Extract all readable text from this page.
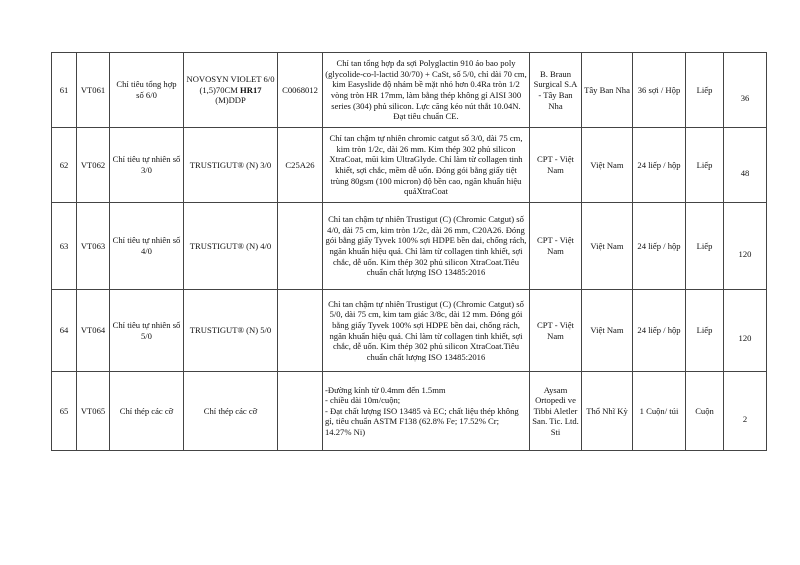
61	VT061	Chỉ tiêu tổng hợp số 6/0	NOVOSYN VIOLET 6/0 (1,5)70CM HR17 (M)DDP	C0068012	Chỉ tan tổng hợp đa sợi Polyglactin 910 áo bao poly (glycolide-co-l-lactid 30/70) + CaSt, số 5/0, chỉ dài 70 cm, kim Easyslide độ nhám bề mặt nhỏ hơn 0.4Ra tròn 1/2 vòng tròn HR 17mm, làm bằng thép không gỉ AISI 300 series (304) phủ silicon. Lực căng kéo nút thắt 10.04N. Đạt tiêu chuẩn CE.	B. Braun Surgical S.A - Tây Ban Nha	Tây Ban Nha	36 sợi / Hộp	Liếp	36
62	VT062	Chỉ tiêu tự nhiên số 3/0	TRUSTIGUT® (N) 3/0	C25A26	Chỉ tan chậm tự nhiên chromic catgut số 3/0, dài 75 cm, kim tròn 1/2c, dài 26 mm. Kim thép 302 phủ silicon XtraCoat, mũi kim UltraGlyde. Chỉ làm từ collagen tinh khiết, sợi chắc, mềm dễ uốn. Đóng gói bằng giấy tiệt trùng 80gsm (100 micron) độ bền cao, ngăn khuẩn hiệu quảXtraCoat	CPT - Việt Nam	Việt Nam	24 liếp / hộp	Liếp	48
63	VT063	Chỉ tiêu tự nhiên số 4/0	TRUSTIGUT® (N) 4/0		Chỉ tan chậm tự nhiên Trustigut (C) (Chromic Catgut) số 4/0, dài 75 cm, kim tròn 1/2c, dài 26 mm, C20A26. Đóng gói bằng giấy Tyvek 100% sợi HDPE bền dai, chống rách, ngăn khuẩn hiệu quả. Chỉ làm từ collagen tinh khiết, sợi chắc, dễ uốn. Kim thép 302 phủ silicon XtraCoat.Tiêu chuẩn chất lượng ISO 13485:2016	CPT - Việt Nam	Việt Nam	24 liếp / hộp	Liếp	120
64	VT064	Chỉ tiêu tự nhiên số 5/0	TRUSTIGUT® (N) 5/0		Chỉ tan chậm tự nhiên Trustigut (C) (Chromic Catgut) số 5/0, dài 75 cm, kim tam giác 3/8c, dài 12 mm. Đóng gói bằng giấy Tyvek 100% sợi HDPE bền dai, chống rách, ngăn khuẩn hiệu quả. Chỉ làm từ collagen tinh khiết, sợi chắc, dễ uốn. Kim thép 302 phủ silicon XtraCoat.Tiêu chuẩn chất lượng ISO 13485:2016	CPT - Việt Nam	Việt Nam	24 liếp / hộp	Liếp	120
65	VT065	Chỉ thép các cỡ	Chỉ thép các cỡ		-Đường kính từ 0.4mm đến 1.5mm
- chiều dài 10m/cuộn;
- Đạt chất lượng ISO 13485 và EC; chất liệu thép không gỉ, tiêu chuẩn ASTM F138 (62.8% Fe; 17.52% Cr; 14.27% Ni)	Aysam Ortopedi ve Tibbi Aletler San. Tic. Ltd. Sti	Thổ Nhĩ Kỳ	1 Cuộn/ túi	Cuộn	2
